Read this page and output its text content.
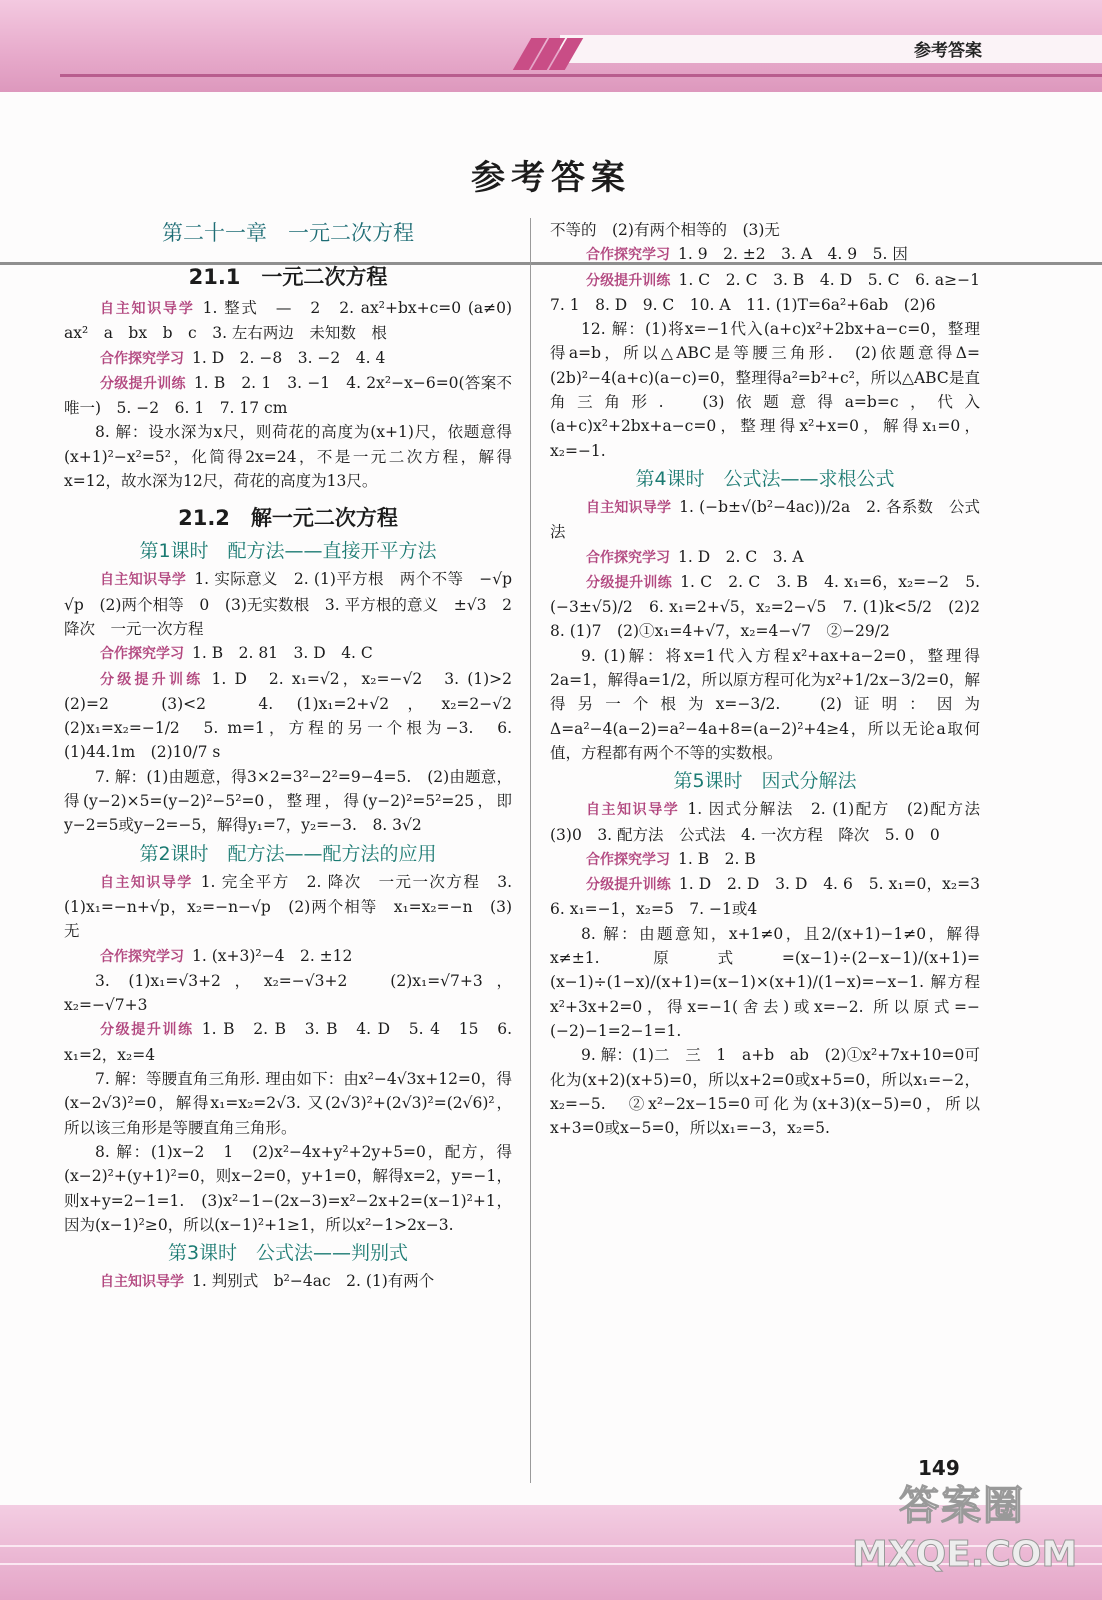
参考答案
参考答案
第二十一章　一元二次方程
21.1　一元二次方程

自主知识导学 1. 整式　—　2　2. ax²+bx+c=0 (a≠0)　ax²　a　bx　b　c　3. 左右两边　未知数　根

合作探究学习 1. D　2. −8　3. −2　4. 4

分级提升训练 1. B　2. 1　3. −1　4. 2x²−x−6=0(答案不唯一)　5. −2　6. 1　7. 17 cm

8. 解：设水深为x尺，则荷花的高度为(x+1)尺，依题意得(x+1)²−x²=5²，化简得2x=24，不是一元二次方程，解得x=12，故水深为12尺，荷花的高度为13尺。

21.2　解一元二次方程
第1课时　配方法——直接开平方法

自主知识导学 1. 实际意义　2. (1)平方根　两个不等　−√p　√p　(2)两个相等　0　(3)无实数根　3. 平方根的意义　±√3　2　降次　一元一次方程

合作探究学习 1. B　2. 81　3. D　4. C

分级提升训练 1. D　2. x₁=√2，x₂=−√2　3. (1)>2　(2)=2　(3)<2　4. (1)x₁=2+√2，x₂=2−√2　(2)x₁=x₂=−1/2　5. m=1，方程的另一个根为−3.　6. (1)44.1m　(2)10/7 s

7. 解：(1)由题意，得3×2=3²−2²=9−4=5.　(2)由题意，得(y−2)×5=(y−2)²−5²=0，整理，得(y−2)²=5²=25，即y−2=5或y−2=−5，解得y₁=7，y₂=−3.　8. 3√2

第2课时　配方法——配方法的应用

自主知识导学 1. 完全平方　2. 降次　一元一次方程　3. (1)x₁=−n+√p，x₂=−n−√p　(2)两个相等　x₁=x₂=−n　(3)无

合作探究学习 1. (x+3)²−4　2. ±12

3. (1)x₁=√3+2，x₂=−√3+2　(2)x₁=√7+3，x₂=−√7+3

分级提升训练 1. B　2. B　3. B　4. D　5. 4　15　6. x₁=2，x₂=4

7. 解：等腰直角三角形. 理由如下：由x²−4√3x+12=0，得(x−2√3)²=0，解得x₁=x₂=2√3. 又(2√3)²+(2√3)²=(2√6)²，所以该三角形是等腰直角三角形。

8. 解：(1)x−2　1　(2)x²−4x+y²+2y+5=0，配方，得(x−2)²+(y+1)²=0，则x−2=0，y+1=0，解得x=2，y=−1，则x+y=2−1=1.　(3)x²−1−(2x−3)=x²−2x+2=(x−1)²+1，因为(x−1)²≥0，所以(x−1)²+1≥1，所以x²−1>2x−3.

第3课时　公式法——判别式

自主知识导学 1. 判别式　b²−4ac　2. (1)有两个

不等的　(2)有两个相等的　(3)无

合作探究学习 1. 9　2. ±2　3. A　4. 9　5. 因

分级提升训练 1. C　2. C　3. B　4. D　5. C　6. a≥−1　7. 1　8. D　9. C　10. A　11. (1)T=6a²+6ab　(2)6

12. 解：(1)将x=−1代入(a+c)x²+2bx+a−c=0，整理得a=b，所以△ABC是等腰三角形.　(2)依题意得Δ=(2b)²−4(a+c)(a−c)=0，整理得a²=b²+c²，所以△ABC是直角三角形.　(3)依题意得a=b=c，代入(a+c)x²+2bx+a−c=0，整理得x²+x=0，解得x₁=0，x₂=−1.

第4课时　公式法——求根公式

自主知识导学 1. (−b±√(b²−4ac))/2a　2. 各系数　公式法

合作探究学习 1. D　2. C　3. A

分级提升训练 1. C　2. C　3. B　4. x₁=6，x₂=−2　5. (−3±√5)/2　6. x₁=2+√5，x₂=2−√5　7. (1)k<5/2　(2)2　8. (1)7　(2)①x₁=4+√7，x₂=4−√7　②−29/2

9. (1)解：将x=1代入方程x²+ax+a−2=0，整理得2a=1，解得a=1/2，所以原方程可化为x²+1/2x−3/2=0，解得另一个根为x=−3/2.　(2)证明：因为Δ=a²−4(a−2)=a²−4a+8=(a−2)²+4≥4，所以无论a取何值，方程都有两个不等的实数根。

第5课时　因式分解法

自主知识导学 1. 因式分解法　2. (1)配方　(2)配方法　(3)0　3. 配方法　公式法　4. 一次方程　降次　5. 0　0

合作探究学习 1. B　2. B

分级提升训练 1. D　2. D　3. D　4. 6　5. x₁=0，x₂=3　6. x₁=−1，x₂=5　7. −1或4

8. 解：由题意知，x+1≠0，且2/(x+1)−1≠0，解得x≠±1. 原式=(x−1)÷(2−x−1)/(x+1)=(x−1)÷(1−x)/(x+1)=(x−1)×(x+1)/(1−x)=−x−1. 解方程x²+3x+2=0，得x=−1(舍去)或x=−2. 所以原式=−(−2)−1=2−1=1.

9. 解：(1)二　三　1　a+b　ab　(2)①x²+7x+10=0可化为(x+2)(x+5)=0，所以x+2=0或x+5=0，所以x₁=−2，x₂=−5.　②x²−2x−15=0可化为(x+3)(x−5)=0，所以x+3=0或x−5=0，所以x₁=−3，x₂=5.

149
答案圈
MXQE.COM
